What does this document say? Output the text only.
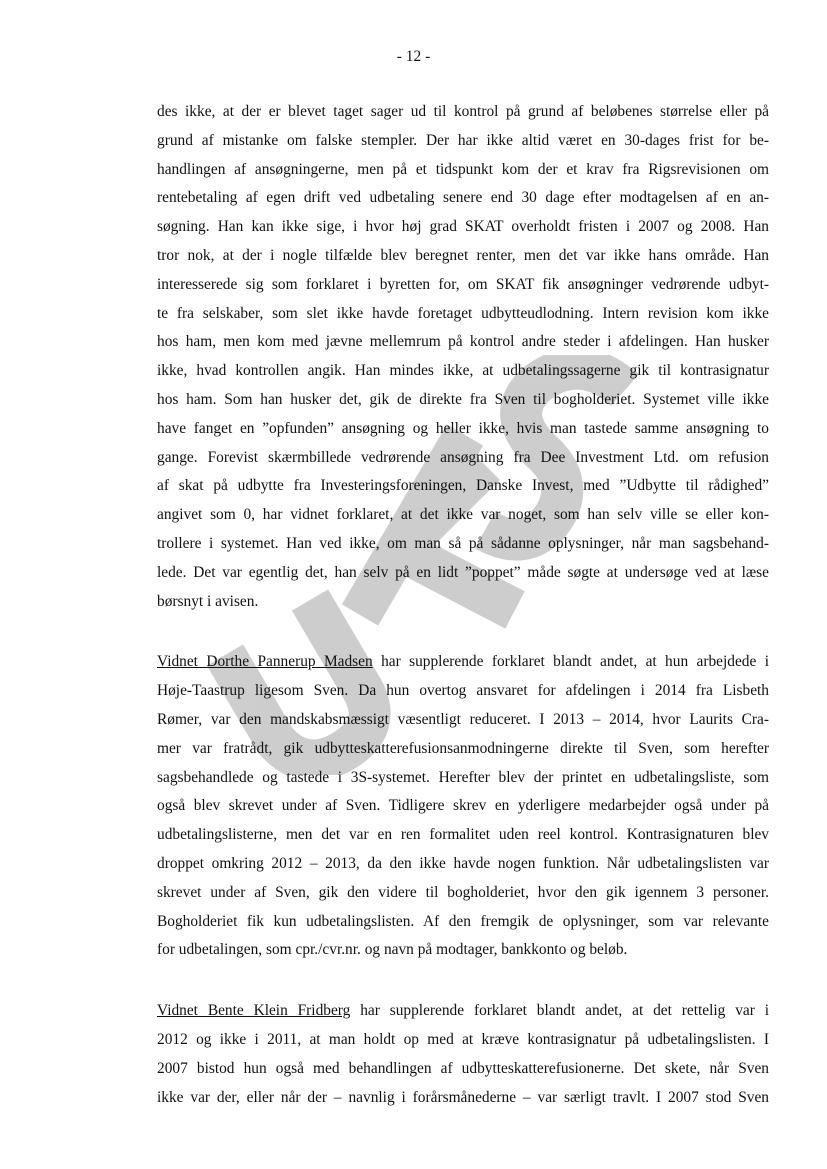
- 12 -

des ikke, at der er blevet taget sager ud til kontrol på grund af beløbenes størrelse eller på
grund af mistanke om falske stempler. Der har ikke altid været en 30-dages frist for be-
handlingen af ansøgningerne, men på et tidspunkt kom der et krav fra Rigsrevisionen om
rentebetaling af egen drift ved udbetaling senere end 30 dage efter modtagelsen af en an-
søgning. Han kan ikke sige, i hvor høj grad SKAT overholdt fristen i 2007 og 2008. Han
tror nok, at der i nogle tilfælde blev beregnet renter, men det var ikke hans område. Han
interesserede sig som forklaret i byretten for, om SKAT fik ansøgninger vedrørende udbyt-
te fra selskaber, som slet ikke havde foretaget udbytteudlodning. Intern revision kom ikke
hos ham, men kom med jævne mellemrum på kontrol andre steder i afdelingen. Han husker
ikke, hvad kontrollen angik. Han mindes ikke, at udbetalingssagerne gik til kontrasignatur
hos ham. Som han husker det, gik de direkte fra Sven til bogholderiet. Systemet ville ikke
have fanget en ”opfunden” ansøgning og heller ikke, hvis man tastede samme ansøgning to
gange. Forevist skærmbillede vedrørende ansøgning fra Dee Investment Ltd. om refusion
af skat på udbytte fra Investeringsforeningen, Danske Invest, med ”Udbytte til rådighed”
angivet som 0, har vidnet forklaret, at det ikke var noget, som han selv ville se eller kon-
trollere i systemet. Han ved ikke, om man så på sådanne oplysninger, når man sagsbehand-
lede. Det var egentlig det, han selv på en lidt ”poppet” måde søgte at undersøge ved at læse
børsnyt i avisen.

Vidnet Dorthe Pannerup Madsen har supplerende forklaret blandt andet, at hun arbejdede i
Høje-Taastrup ligesom Sven. Da hun overtog ansvaret for afdelingen i 2014 fra Lisbeth
Rømer, var den mandskabsmæssigt væsentligt reduceret. I 2013 – 2014, hvor Laurits Cra-
mer var fratrådt, gik udbytteskatterefusionsanmodningerne direkte til Sven, som herefter
sagsbehandlede og tastede i 3S-systemet. Herefter blev der printet en udbetalingsliste, som
også blev skrevet under af Sven. Tidligere skrev en yderligere medarbejder også under på
udbetalingslisterne, men det var en ren formalitet uden reel kontrol. Kontrasignaturen blev
droppet omkring 2012 – 2013, da den ikke havde nogen funktion. Når udbetalingslisten var
skrevet under af Sven, gik den videre til bogholderiet, hvor den gik igennem 3 personer.
Bogholderiet fik kun udbetalingslisten. Af den fremgik de oplysninger, som var relevante
for udbetalingen, som cpr./cvr.nr. og navn på modtager, bankkonto og beløb.

Vidnet Bente Klein Fridberg har supplerende forklaret blandt andet, at det rettelig var i
2012 og ikke i 2011, at man holdt op med at kræve kontrasignatur på udbetalingslisten. I
2007 bistod hun også med behandlingen af udbytteskatterefusionerne. Det skete, når Sven
ikke var der, eller når der – navnlig i forårsmånederne – var særligt travlt. I 2007 stod Sven
